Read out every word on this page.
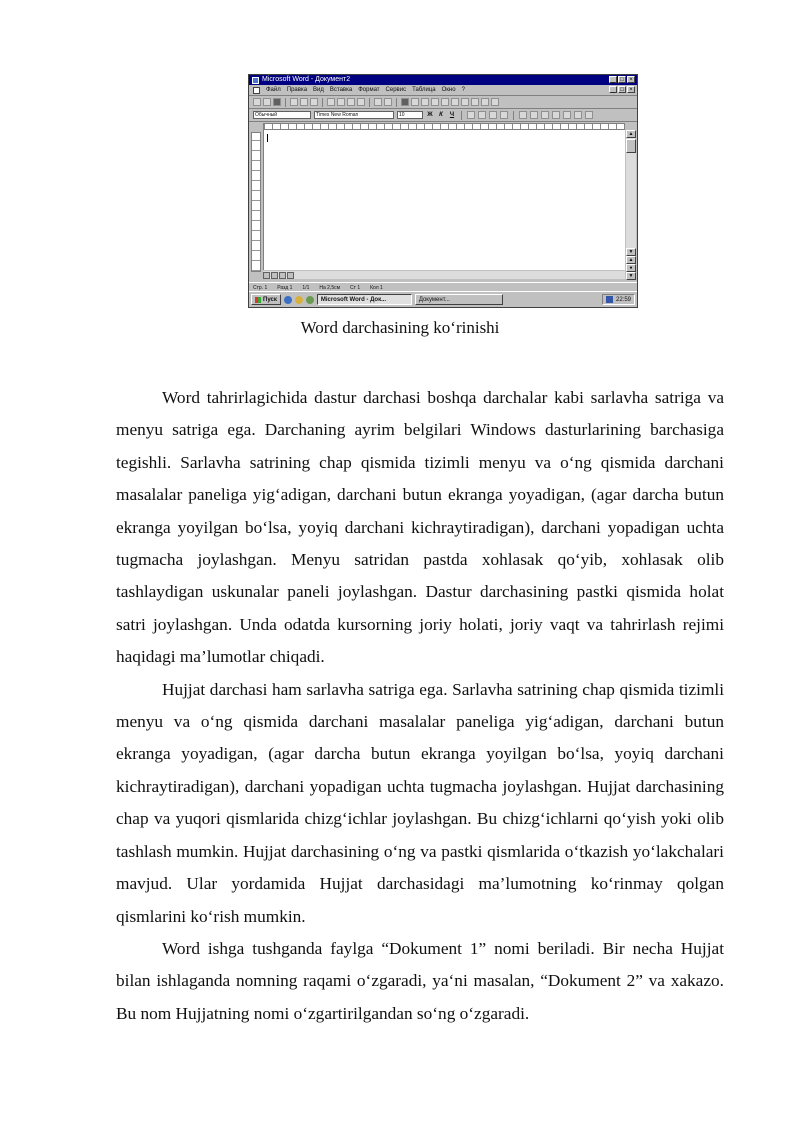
Microsoft Word - Документ2	_ □ ×
Файл Правка Вид Вставка Формат Сервис Таблица Окно ?	_ □ ×
Обычный	Times New Roman	10	Ж	К	Ч
▲
▼
▲
●
▼
Стр. 1 Разд 1 1/1 На 2,5см Ст 1 Кол 1
Пуск	Microsoft Word - Док...	Документ...	22:59
Word darchasining ko‘rinishi

Word tahrirlagichida dastur darchasi boshqa darchalar kabi sarlavha satriga va menyu satriga ega. Darchaning ayrim belgilari Windows dasturlarining barchasiga tegishli. Sarlavha satrining chap qismida tizimli menyu va o‘ng qismida darchani masalalar paneliga yig‘adigan, darchani butun ekranga yoyadigan, (agar darcha butun ekranga yoyilgan bo‘lsa, yoyiq darchani kichraytiradigan), darchani yopadigan uchta tugmacha joylashgan. Menyu satridan pastda xohlasak qo‘yib, xohlasak olib tashlaydigan uskunalar paneli joylashgan. Dastur darchasining pastki qismida holat satri joylashgan. Unda odatda kursorning joriy holati, joriy vaqt va tahrirlash rejimi haqidagi ma’lumotlar chiqadi.

Hujjat darchasi ham sarlavha satriga ega. Sarlavha satrining chap qismida tizimli menyu va o‘ng qismida darchani masalalar paneliga yig‘adigan, darchani butun ekranga yoyadigan, (agar darcha butun ekranga yoyilgan bo‘lsa, yoyiq darchani kichraytiradigan), darchani yopadigan uchta tugmacha joylashgan. Hujjat darchasining chap va yuqori qismlarida chizg‘ichlar joylashgan. Bu chizg‘ichlarni qo‘yish yoki olib tashlash mumkin. Hujjat darchasining o‘ng va pastki qismlarida o‘tkazish yo‘lakchalari mavjud. Ular yordamida Hujjat darchasidagi ma’lumotning ko‘rinmay qolgan qismlarini ko‘rish mumkin.

Word ishga tushganda faylga “Dokument 1” nomi beriladi. Bir necha Hujjat bilan ishlaganda nomning raqami o‘zgaradi, ya‘ni masalan, “Dokument 2” va xakazo. Bu nom Hujjatning nomi o‘zgartirilgandan so‘ng o‘zgaradi.
